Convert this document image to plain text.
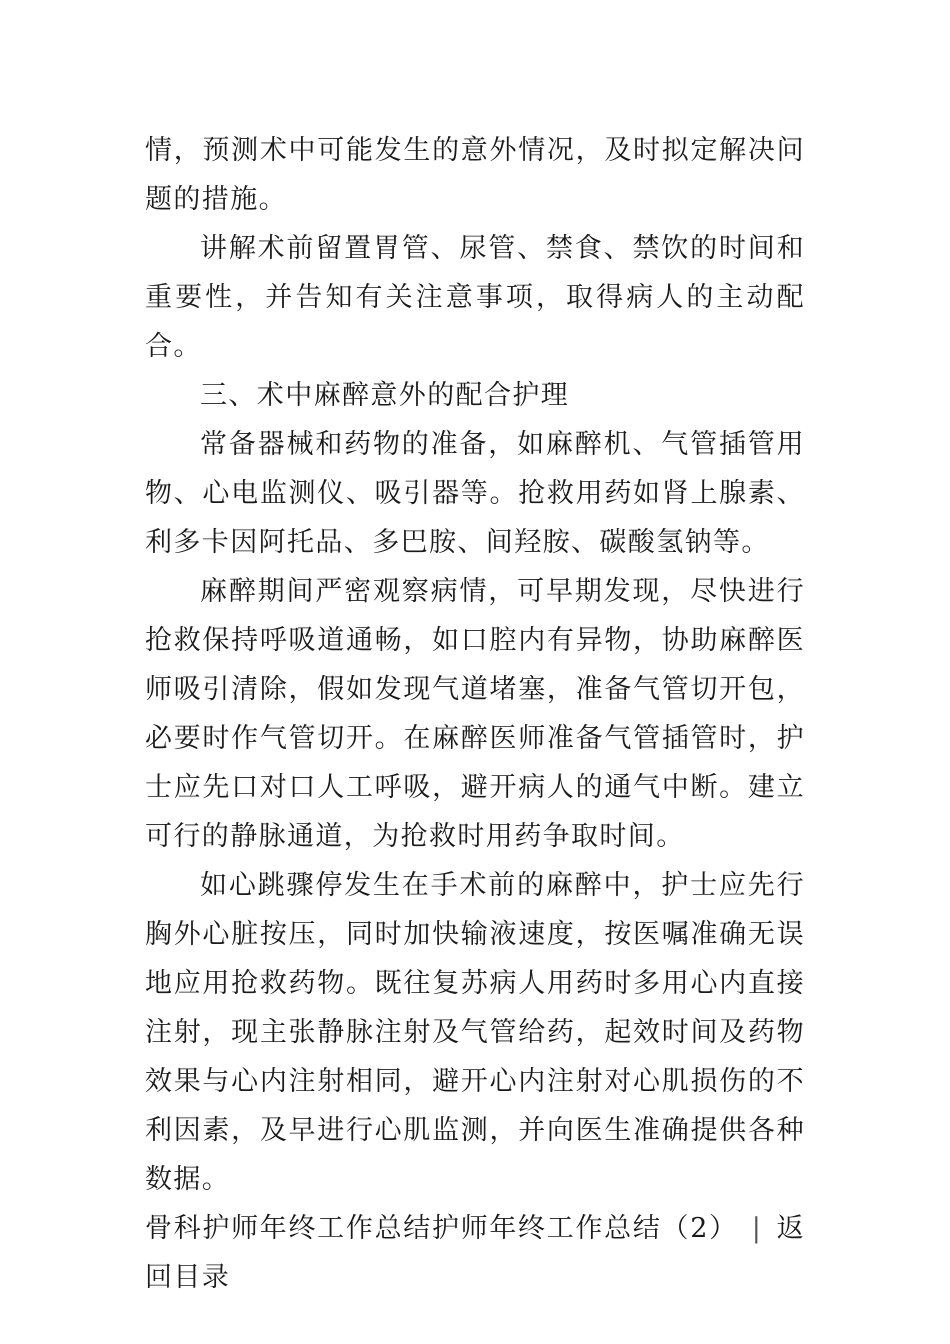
情，预测术中可能发生的意外情况，及时拟定解决问题的措施。

讲解术前留置胃管、尿管、禁食、禁饮的时间和重要性，并告知有关注意事项，取得病人的主动配合。

三、术中麻醉意外的配合护理

常备器械和药物的准备，如麻醉机、气管插管用物、心电监测仪、吸引器等。抢救用药如肾上腺素、利多卡因阿托品、多巴胺、间羟胺、碳酸氢钠等。

麻醉期间严密观察病情，可早期发现，尽快进行抢救保持呼吸道通畅，如口腔内有异物，协助麻醉医师吸引清除，假如发现气道堵塞，准备气管切开包，必要时作气管切开。在麻醉医师准备气管插管时，护士应先口对口人工呼吸，避开病人的通气中断。建立可行的静脉通道，为抢救时用药争取时间。

如心跳骤停发生在手术前的麻醉中，护士应先行胸外心脏按压，同时加快输液速度，按医嘱准确无误地应用抢救药物。既往复苏病人用药时多用心内直接注射，现主张静脉注射及气管给药，起效时间及药物效果与心内注射相同，避开心内注射对心肌损伤的不利因素，及早进行心肌监测，并向医生准确提供各种数据。

骨科护师年终工作总结护师年终工作总结（2） | 返回目录
